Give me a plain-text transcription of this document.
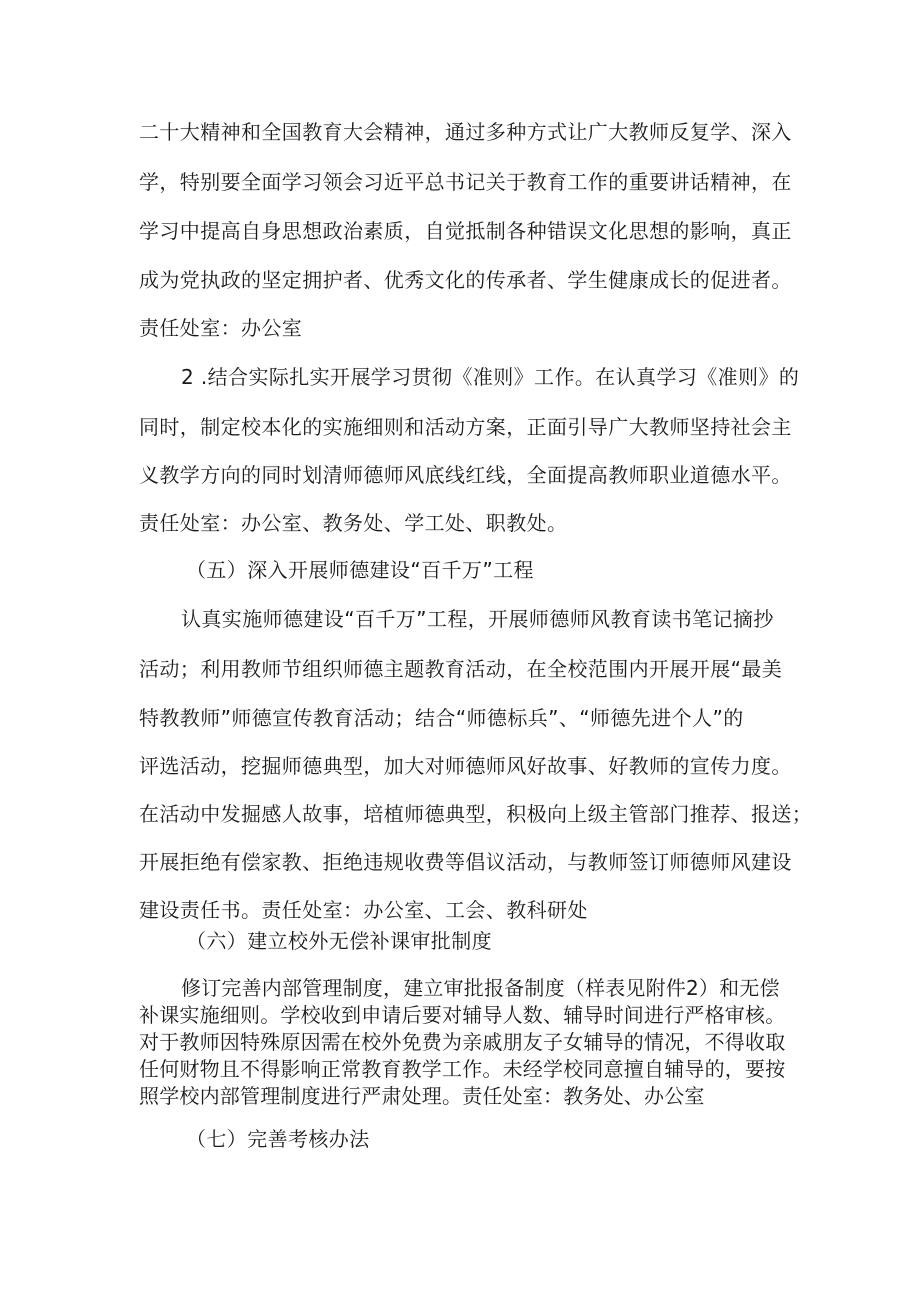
二十大精神和全国教育大会精神，通过多种方式让广大教师反复学、深入
学，特别要全面学习领会习近平总书记关于教育工作的重要讲话精神，在
学习中提高自身思想政治素质，自觉抵制各种错误文化思想的影响，真正
成为党执政的坚定拥护者、优秀文化的传承者、学生健康成长的促进者。
责任处室：办公室
2 .结合实际扎实开展学习贯彻《准则》工作。在认真学习《准则》的
同时，制定校本化的实施细则和活动方案，正面引导广大教师坚持社会主
义教学方向的同时划清师德师风底线红线，全面提高教师职业道德水平。
责任处室：办公室、教务处、学工处、职教处。
（五）深入开展师德建设“百千万”工程
认真实施师德建设“百千万”工程，开展师德师风教育读书笔记摘抄
活动；利用教师节组织师德主题教育活动，在全校范围内开展开展“最美
特教教师”师德宣传教育活动；结合“师德标兵”、“师德先进个人”的
评选活动，挖掘师德典型，加大对师德师风好故事、好教师的宣传力度。
在活动中发掘感人故事，培植师德典型，积极向上级主管部门推荐、报送；
开展拒绝有偿家教、拒绝违规收费等倡议活动，与教师签订师德师风建设
建设责任书。责任处室：办公室、工会、教科研处
（六）建立校外无偿补课审批制度
修订完善内部管理制度，建立审批报备制度（样表见附件2）和无偿
补课实施细则。学校收到申请后要对辅导人数、辅导时间进行严格审核。
对于教师因特殊原因需在校外免费为亲戚朋友子女辅导的情况，不得收取
任何财物且不得影响正常教育教学工作。未经学校同意擅自辅导的，要按
照学校内部管理制度进行严肃处理。责任处室：教务处、办公室
（七）完善考核办法
